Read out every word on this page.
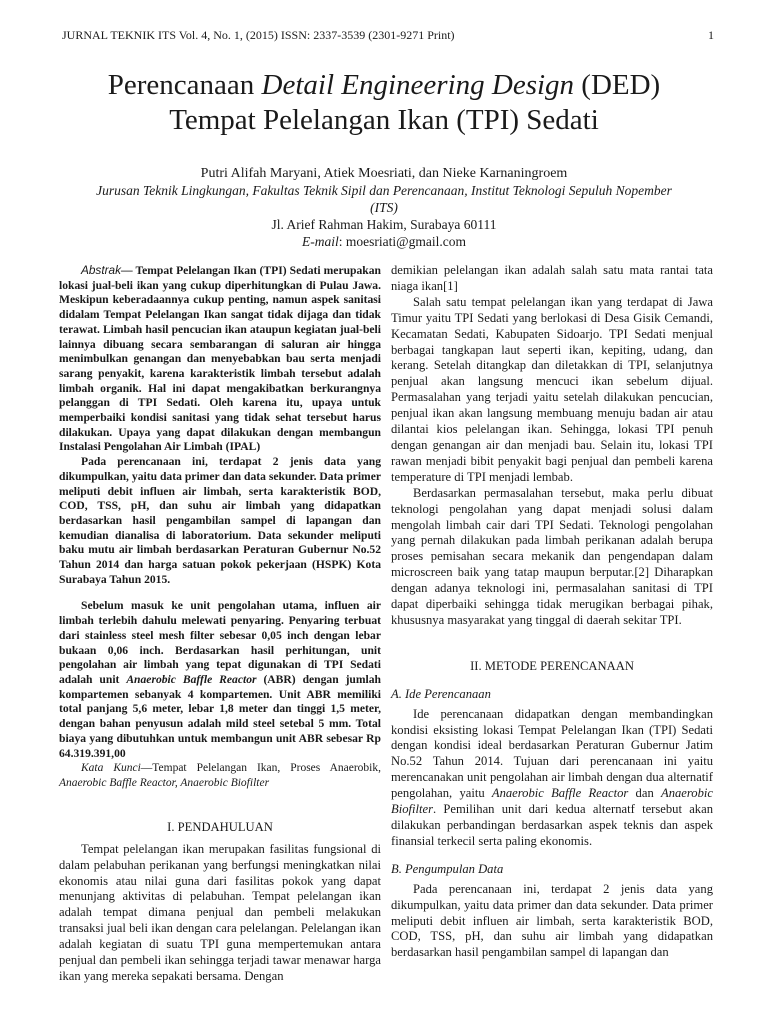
JURNAL TEKNIK ITS Vol. 4, No. 1, (2015) ISSN: 2337-3539 (2301-9271 Print)	1
Perencanaan Detail Engineering Design (DED)
Tempat Pelelangan Ikan (TPI) Sedati
Putri Alifah Maryani, Atiek Moesriati, dan Nieke Karnaningroem
Jurusan Teknik Lingkungan, Fakultas Teknik Sipil dan Perencanaan, Institut Teknologi Sepuluh Nopember (ITS)
Jl. Arief Rahman Hakim, Surabaya 60111
E-mail: moesriati@gmail.com

Abstrak— Tempat Pelelangan Ikan (TPI) Sedati merupakan lokasi jual-beli ikan yang cukup diperhitungkan di Pulau Jawa. Meskipun keberadaannya cukup penting, namun aspek sanitasi didalam Tempat Pelelangan Ikan sangat tidak dijaga dan tidak terawat. Limbah hasil pencucian ikan ataupun kegiatan jual-beli lainnya dibuang secara sembarangan di saluran air hingga menimbulkan genangan dan menyebabkan bau serta menjadi sarang penyakit, karena karakteristik limbah tersebut adalah limbah organik. Hal ini dapat mengakibatkan berkurangnya pelanggan di TPI Sedati. Oleh karena itu, upaya untuk memperbaiki kondisi sanitasi yang tidak sehat tersebut harus dilakukan. Upaya yang dapat dilakukan dengan membangun Instalasi Pengolahan Air Limbah (IPAL)

Pada perencanaan ini, terdapat 2 jenis data yang dikumpulkan, yaitu data primer dan data sekunder. Data primer meliputi debit influen air limbah, serta karakteristik BOD, COD, TSS, pH, dan suhu air limbah yang didapatkan berdasarkan hasil pengambilan sampel di lapangan dan kemudian dianalisa di laboratorium. Data sekunder meliputi baku mutu air limbah berdasarkan Peraturan Gubernur No.52 Tahun 2014 dan harga satuan pokok pekerjaan (HSPK) Kota Surabaya Tahun 2015.

Sebelum masuk ke unit pengolahan utama, influen air limbah terlebih dahulu melewati penyaring. Penyaring terbuat dari stainless steel mesh filter sebesar 0,05 inch dengan lebar bukaan 0,06 inch. Berdasarkan hasil perhitungan, unit pengolahan air limbah yang tepat digunakan di TPI Sedati adalah unit Anaerobic Baffle Reactor (ABR) dengan jumlah kompartemen sebanyak 4 kompartemen. Unit ABR memiliki total panjang 5,6 meter, lebar 1,8 meter dan tinggi 1,5 meter, dengan bahan penyusun adalah mild steel setebal 5 mm. Total biaya yang dibutuhkan untuk membangun unit ABR sebesar Rp 64.319.391,00

Kata Kunci—Tempat Pelelangan Ikan, Proses Anaerobik, Anaerobic Baffle Reactor, Anaerobic Biofilter

I. PENDAHULUAN

Tempat pelelangan ikan merupakan fasilitas fungsional di dalam pelabuhan perikanan yang berfungsi meningkatkan nilai ekonomis atau nilai guna dari fasilitas pokok yang dapat menunjang aktivitas di pelabuhan. Tempat pelelangan ikan adalah tempat dimana penjual dan pembeli melakukan transaksi jual beli ikan dengan cara pelelangan. Pelelangan ikan adalah kegiatan di suatu TPI guna mempertemukan antara penjual dan pembeli ikan sehingga terjadi tawar menawar harga ikan yang mereka sepakati bersama. Dengan

demikian pelelangan ikan adalah salah satu mata rantai tata niaga ikan[1]

Salah satu tempat pelelangan ikan yang terdapat di Jawa Timur yaitu TPI Sedati yang berlokasi di Desa Gisik Cemandi, Kecamatan Sedati, Kabupaten Sidoarjo. TPI Sedati menjual berbagai tangkapan laut seperti ikan, kepiting, udang, dan kerang. Setelah ditangkap dan diletakkan di TPI, selanjutnya penjual akan langsung mencuci ikan sebelum dijual. Permasalahan yang terjadi yaitu setelah dilakukan pencucian, penjual ikan akan langsung membuang menuju badan air atau dilantai kios pelelangan ikan. Sehingga, lokasi TPI penuh dengan genangan air dan menjadi bau. Selain itu, lokasi TPI rawan menjadi bibit penyakit bagi penjual dan pembeli karena temperature di TPI menjadi lembab.

Berdasarkan permasalahan tersebut, maka perlu dibuat teknologi pengolahan yang dapat menjadi solusi dalam mengolah limbah cair dari TPI Sedati. Teknologi pengolahan yang pernah dilakukan pada limbah perikanan adalah berupa proses pemisahan secara mekanik dan pengendapan dalam microscreen baik yang tatap maupun berputar.[2] Diharapkan dengan adanya teknologi ini, permasalahan sanitasi di TPI dapat diperbaiki sehingga tidak merugikan berbagai pihak, khususnya masyarakat yang tinggal di daerah sekitar TPI.

II. METODE PERENCANAAN

A. Ide Perencanaan

Ide perencanaan didapatkan dengan membandingkan kondisi eksisting lokasi Tempat Pelelangan Ikan (TPI) Sedati dengan kondisi ideal berdasarkan Peraturan Gubernur Jatim No.52 Tahun 2014. Tujuan dari perencanaan ini yaitu merencanakan unit pengolahan air limbah dengan dua alternatif pengolahan, yaitu Anaerobic Baffle Reactor dan Anaerobic Biofilter. Pemilihan unit dari kedua alternatf tersebut akan dilakukan perbandingan berdasarkan aspek teknis dan aspek finansial terkecil serta paling ekonomis.

B. Pengumpulan Data

Pada perencanaan ini, terdapat 2 jenis data yang dikumpulkan, yaitu data primer dan data sekunder. Data primer meliputi debit influen air limbah, serta karakteristik BOD, COD, TSS, pH, dan suhu air limbah yang didapatkan berdasarkan hasil pengambilan sampel di lapangan dan
